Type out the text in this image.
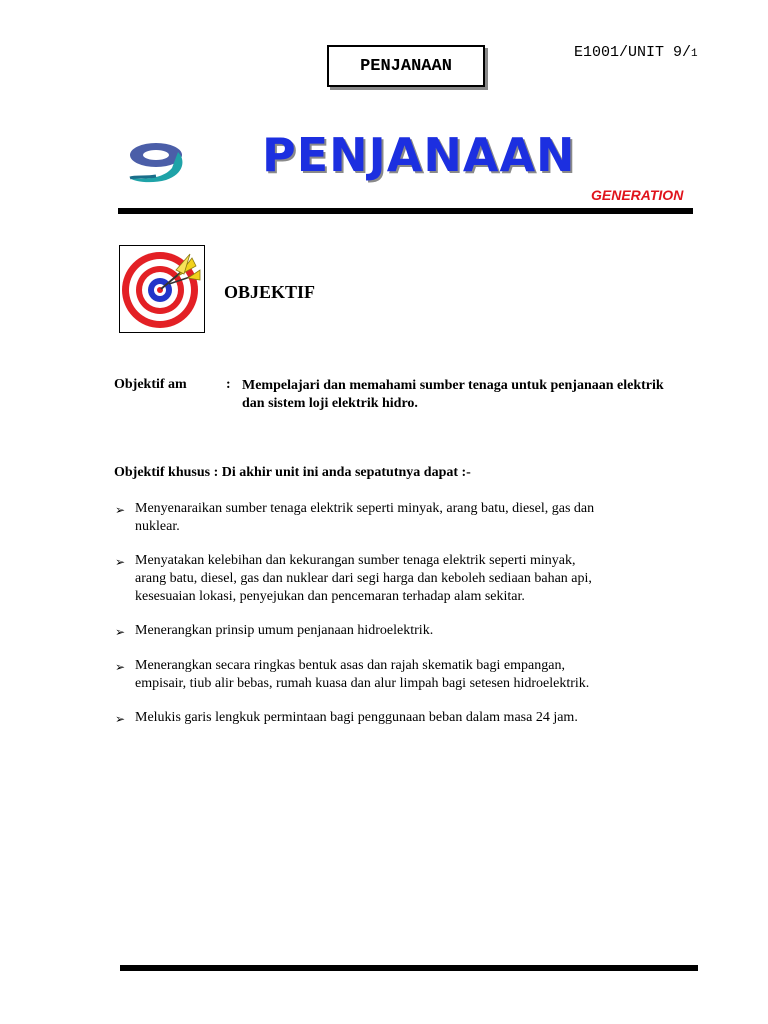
PENJANAAN
E1001/UNIT 9/1
9 PENJANAAN
GENERATION
OBJEKTIF
Objektif am	: Mempelajari dan memahami sumber tenaga untuk penjanaan elektrik dan sistem loji elektrik hidro.
Objektif khusus : Di akhir unit ini anda sepatutnya dapat :-
➢ Menyenaraikan sumber tenaga elektrik seperti minyak, arang batu, diesel, gas dan nuklear.
➢ Menyatakan kelebihan dan kekurangan sumber tenaga elektrik seperti minyak, arang batu, diesel, gas dan nuklear dari segi harga dan keboleh sediaan bahan api, kesesuaian lokasi, penyejukan dan pencemaran terhadap alam sekitar.
➢ Menerangkan prinsip umum penjanaan hidroelektrik.
➢ Menerangkan secara ringkas bentuk asas dan rajah skematik bagi empangan, empisair, tiub alir bebas, rumah kuasa dan alur limpah bagi setesen hidroelektrik.
➢ Melukis garis lengkuk permintaan bagi penggunaan beban dalam masa 24 jam.
